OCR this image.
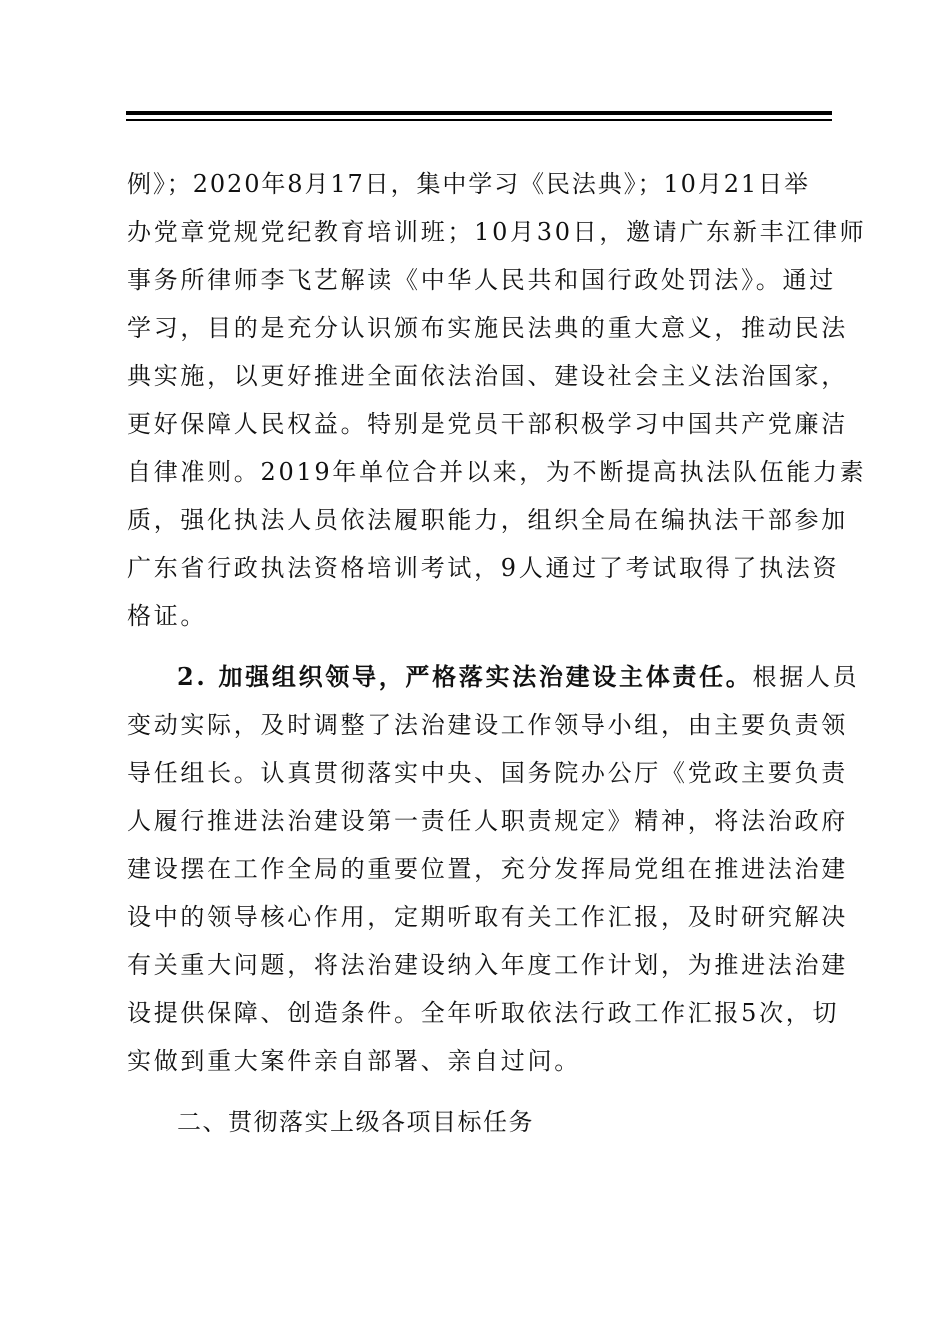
例》；2020年8月17日，集中学习《民法典》；10月21日举
办党章党规党纪教育培训班；10月30日，邀请广东新丰江律师
事务所律师李飞艺解读《中华人民共和国行政处罚法》。通过
学习，目的是充分认识颁布实施民法典的重大意义，推动民法
典实施，以更好推进全面依法治国、建设社会主义法治国家，
更好保障人民权益。特别是党员干部积极学习中国共产党廉洁
自律准则。2019年单位合并以来，为不断提高执法队伍能力素
质，强化执法人员依法履职能力，组织全局在编执法干部参加
广东省行政执法资格培训考试，9人通过了考试取得了执法资
格证。
2. 加强组织领导，严格落实法治建设主体责任。根据人员
变动实际，及时调整了法治建设工作领导小组，由主要负责领
导任组长。认真贯彻落实中央、国务院办公厅《党政主要负责
人履行推进法治建设第一责任人职责规定》精神，将法治政府
建设摆在工作全局的重要位置，充分发挥局党组在推进法治建
设中的领导核心作用，定期听取有关工作汇报，及时研究解决
有关重大问题，将法治建设纳入年度工作计划，为推进法治建
设提供保障、创造条件。全年听取依法行政工作汇报5次，切
实做到重大案件亲自部署、亲自过问。
二、贯彻落实上级各项目标任务
